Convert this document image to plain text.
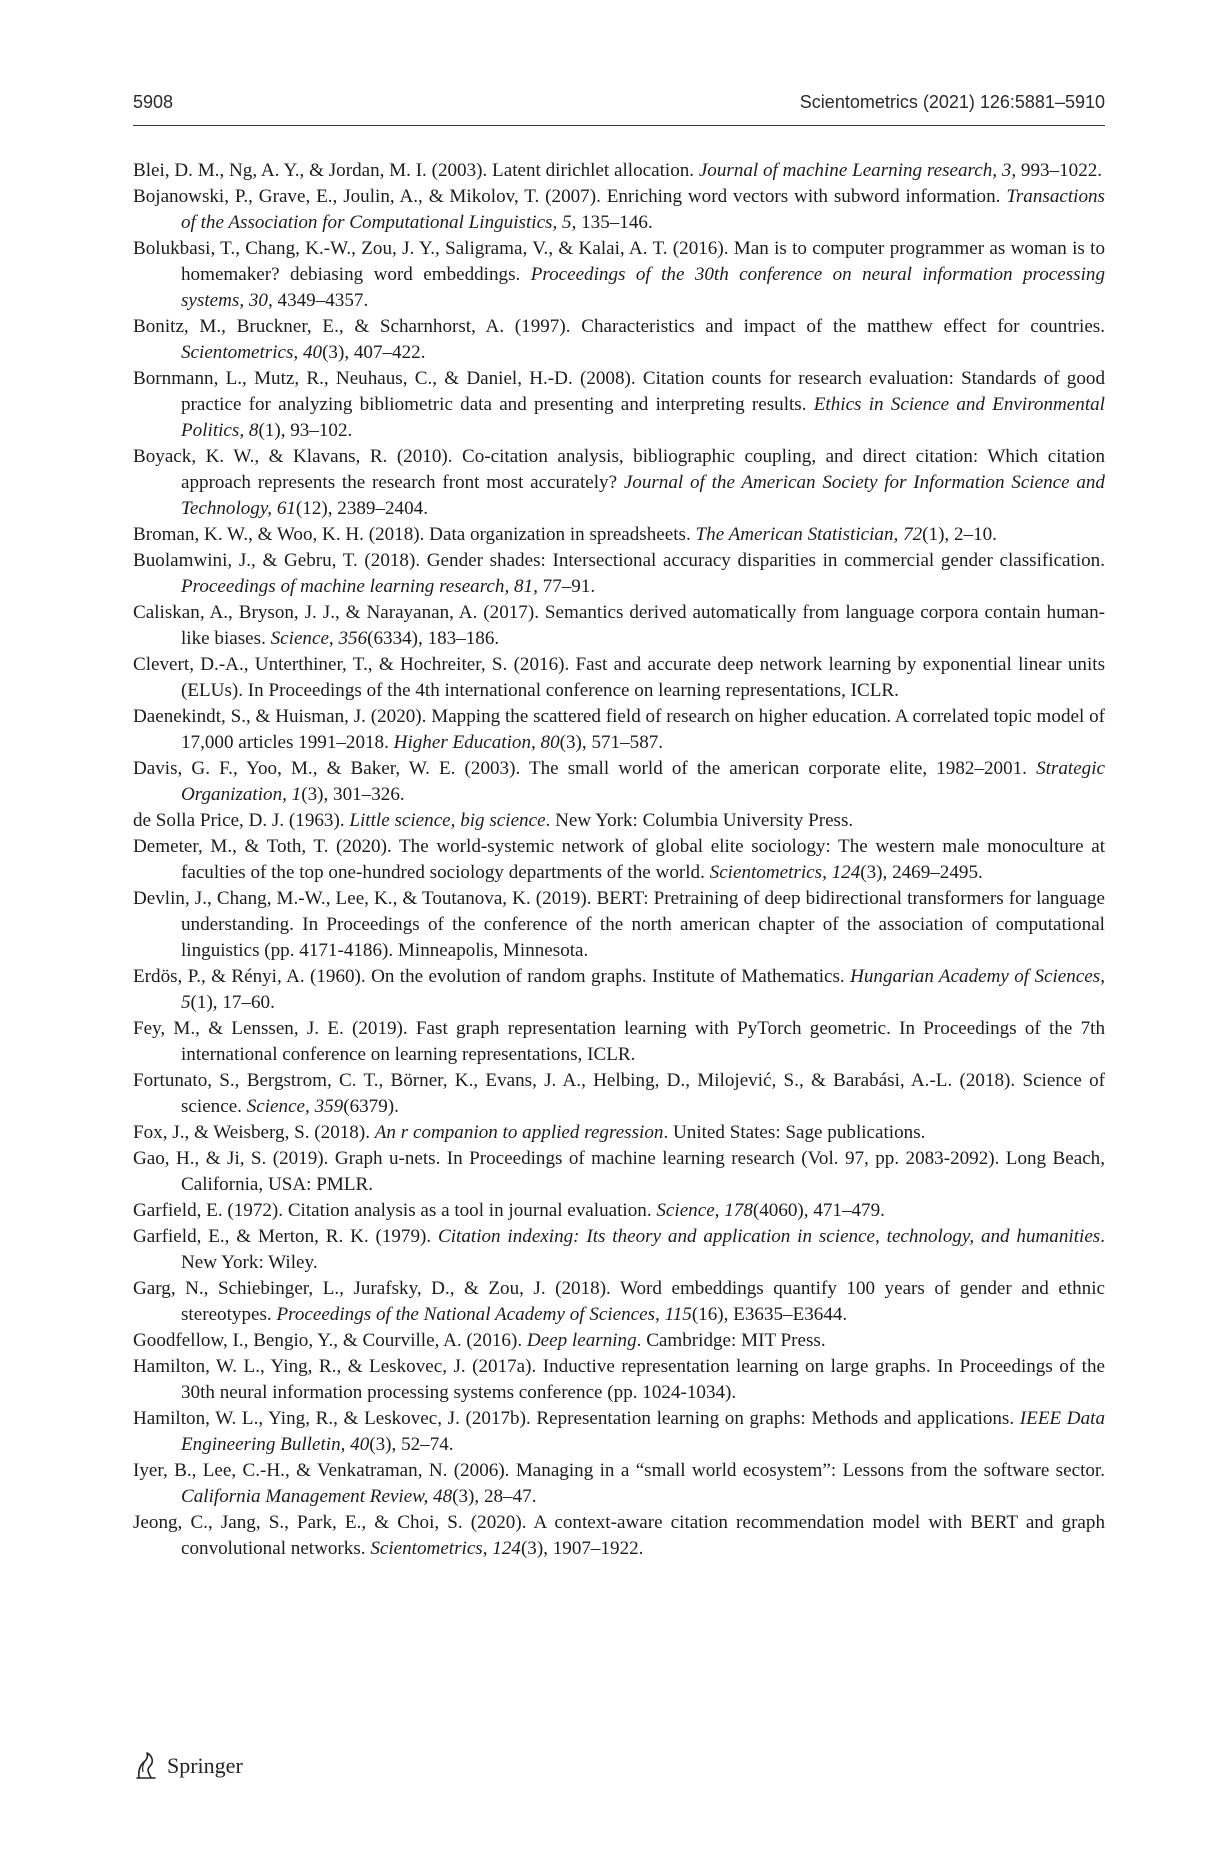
5908	Scientometrics (2021) 126:5881–5910

Blei, D. M., Ng, A. Y., & Jordan, M. I. (2003). Latent dirichlet allocation. Journal of machine Learning research, 3, 993–1022.

Bojanowski, P., Grave, E., Joulin, A., & Mikolov, T. (2007). Enriching word vectors with subword information. Transactions of the Association for Computational Linguistics, 5, 135–146.

Bolukbasi, T., Chang, K.-W., Zou, J. Y., Saligrama, V., & Kalai, A. T. (2016). Man is to computer programmer as woman is to homemaker? debiasing word embeddings. Proceedings of the 30th conference on neural information processing systems, 30, 4349–4357.

Bonitz, M., Bruckner, E., & Scharnhorst, A. (1997). Characteristics and impact of the matthew effect for countries. Scientometrics, 40(3), 407–422.

Bornmann, L., Mutz, R., Neuhaus, C., & Daniel, H.-D. (2008). Citation counts for research evaluation: Standards of good practice for analyzing bibliometric data and presenting and interpreting results. Ethics in Science and Environmental Politics, 8(1), 93–102.

Boyack, K. W., & Klavans, R. (2010). Co-citation analysis, bibliographic coupling, and direct citation: Which citation approach represents the research front most accurately? Journal of the American Society for Information Science and Technology, 61(12), 2389–2404.

Broman, K. W., & Woo, K. H. (2018). Data organization in spreadsheets. The American Statistician, 72(1), 2–10.

Buolamwini, J., & Gebru, T. (2018). Gender shades: Intersectional accuracy disparities in commercial gender classification. Proceedings of machine learning research, 81, 77–91.

Caliskan, A., Bryson, J. J., & Narayanan, A. (2017). Semantics derived automatically from language corpora contain human-like biases. Science, 356(6334), 183–186.

Clevert, D.-A., Unterthiner, T., & Hochreiter, S. (2016). Fast and accurate deep network learning by exponential linear units (ELUs). In Proceedings of the 4th international conference on learning representations, ICLR.

Daenekindt, S., & Huisman, J. (2020). Mapping the scattered field of research on higher education. A correlated topic model of 17,000 articles 1991–2018. Higher Education, 80(3), 571–587.

Davis, G. F., Yoo, M., & Baker, W. E. (2003). The small world of the american corporate elite, 1982–2001. Strategic Organization, 1(3), 301–326.

de Solla Price, D. J. (1963). Little science, big science. New York: Columbia University Press.

Demeter, M., & Toth, T. (2020). The world-systemic network of global elite sociology: The western male monoculture at faculties of the top one-hundred sociology departments of the world. Scientometrics, 124(3), 2469–2495.

Devlin, J., Chang, M.-W., Lee, K., & Toutanova, K. (2019). BERT: Pretraining of deep bidirectional transformers for language understanding. In Proceedings of the conference of the north american chapter of the association of computational linguistics (pp. 4171-4186). Minneapolis, Minnesota.

Erdös, P., & Rényi, A. (1960). On the evolution of random graphs. Institute of Mathematics. Hungarian Academy of Sciences, 5(1), 17–60.

Fey, M., & Lenssen, J. E. (2019). Fast graph representation learning with PyTorch geometric. In Proceedings of the 7th international conference on learning representations, ICLR.

Fortunato, S., Bergstrom, C. T., Börner, K., Evans, J. A., Helbing, D., Milojević, S., & Barabási, A.-L. (2018). Science of science. Science, 359(6379).

Fox, J., & Weisberg, S. (2018). An r companion to applied regression. United States: Sage publications.

Gao, H., & Ji, S. (2019). Graph u-nets. In Proceedings of machine learning research (Vol. 97, pp. 2083-2092). Long Beach, California, USA: PMLR.

Garfield, E. (1972). Citation analysis as a tool in journal evaluation. Science, 178(4060), 471–479.

Garfield, E., & Merton, R. K. (1979). Citation indexing: Its theory and application in science, technology, and humanities. New York: Wiley.

Garg, N., Schiebinger, L., Jurafsky, D., & Zou, J. (2018). Word embeddings quantify 100 years of gender and ethnic stereotypes. Proceedings of the National Academy of Sciences, 115(16), E3635–E3644.

Goodfellow, I., Bengio, Y., & Courville, A. (2016). Deep learning. Cambridge: MIT Press.

Hamilton, W. L., Ying, R., & Leskovec, J. (2017a). Inductive representation learning on large graphs. In Proceedings of the 30th neural information processing systems conference (pp. 1024-1034).

Hamilton, W. L., Ying, R., & Leskovec, J. (2017b). Representation learning on graphs: Methods and applications. IEEE Data Engineering Bulletin, 40(3), 52–74.

Iyer, B., Lee, C.-H., & Venkatraman, N. (2006). Managing in a “small world ecosystem”: Lessons from the software sector. California Management Review, 48(3), 28–47.

Jeong, C., Jang, S., Park, E., & Choi, S. (2020). A context-aware citation recommendation model with BERT and graph convolutional networks. Scientometrics, 124(3), 1907–1922.

Springer
